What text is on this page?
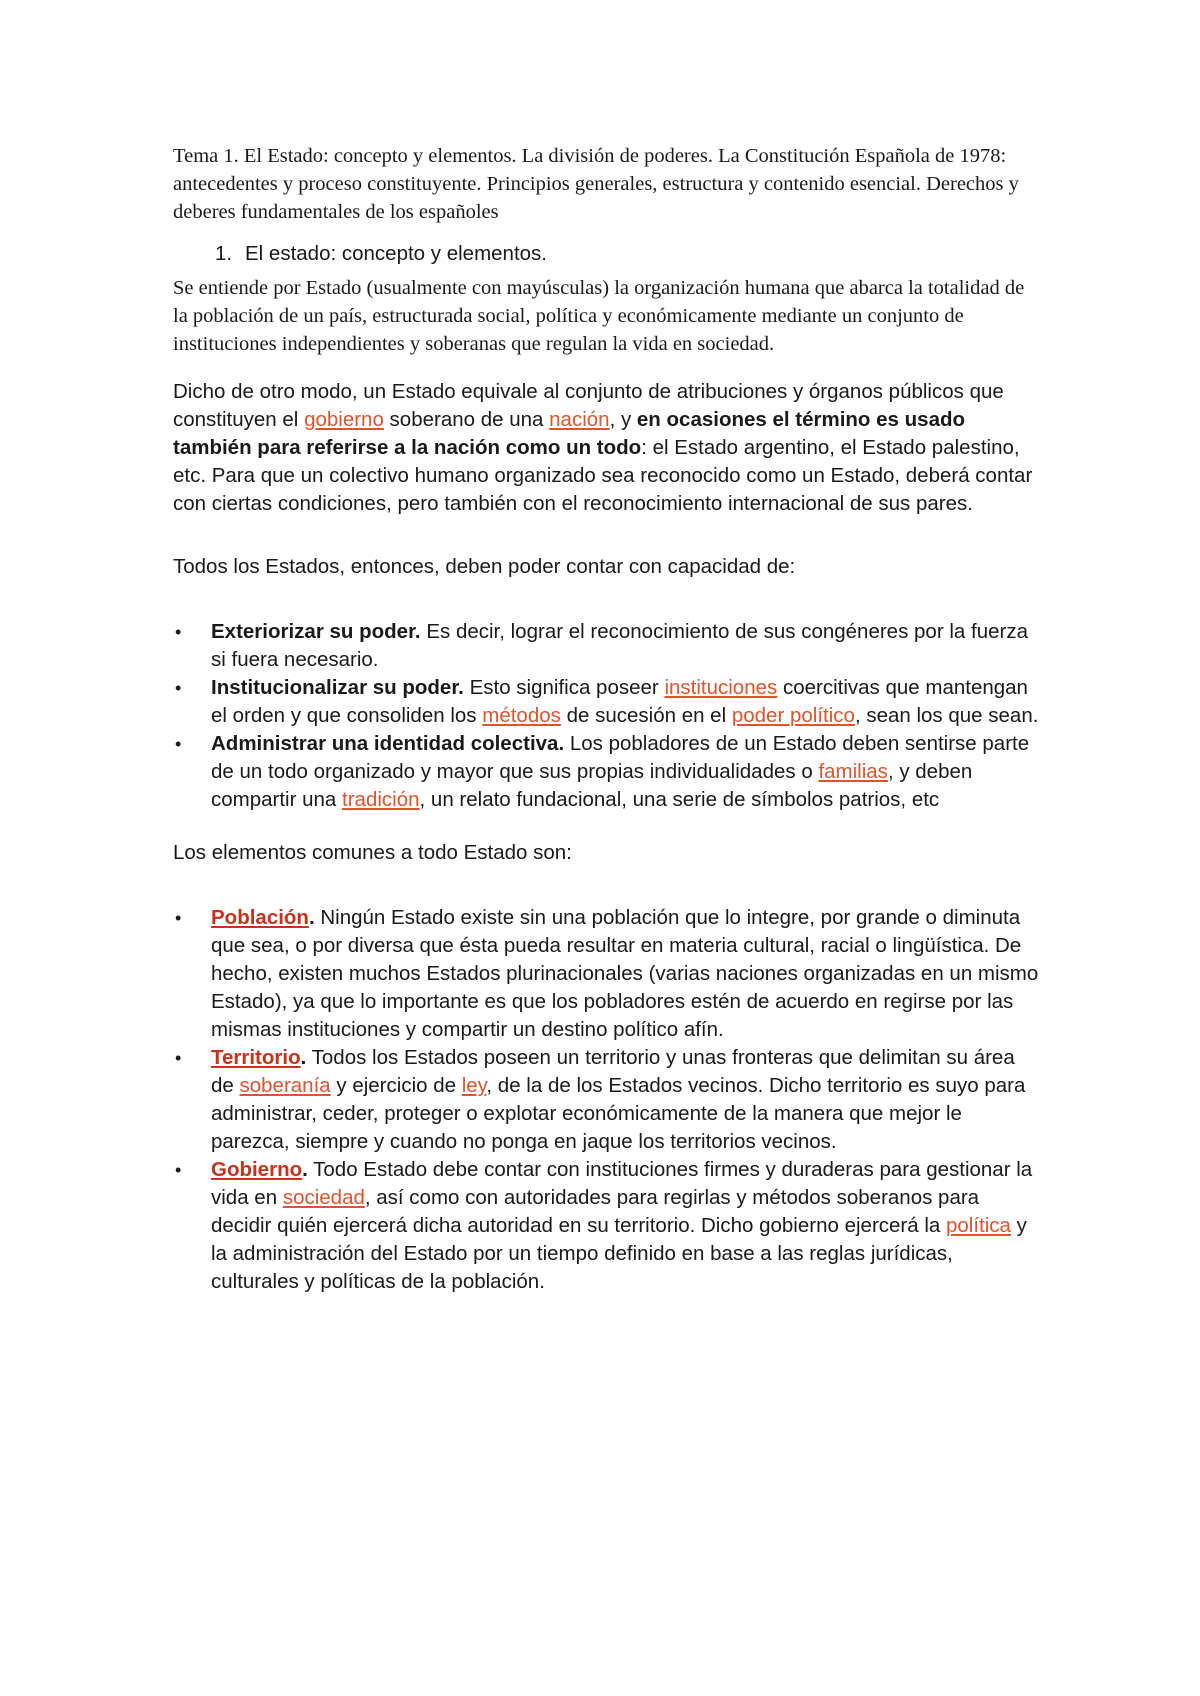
Tema 1. El Estado: concepto y elementos. La división de poderes. La Constitución Española de 1978: antecedentes y proceso constituyente. Principios generales, estructura y contenido esencial. Derechos y deberes fundamentales de los españoles

1. El estado: concepto y elementos.

Se entiende por Estado (usualmente con mayúsculas) la organización humana que abarca la totalidad de la población de un país, estructurada social, política y económicamente mediante un conjunto de instituciones independientes y soberanas que regulan la vida en sociedad.

Dicho de otro modo, un Estado equivale al conjunto de atribuciones y órganos públicos que constituyen el gobierno soberano de una nación, y en ocasiones el término es usado también para referirse a la nación como un todo: el Estado argentino, el Estado palestino, etc. Para que un colectivo humano organizado sea reconocido como un Estado, deberá contar con ciertas condiciones, pero también con el reconocimiento internacional de sus pares.

Todos los Estados, entonces, deben poder contar con capacidad de:

• Exteriorizar su poder. Es decir, lograr el reconocimiento de sus congéneres por la fuerza si fuera necesario.
• Institucionalizar su poder. Esto significa poseer instituciones coercitivas que mantengan el orden y que consoliden los métodos de sucesión en el poder político, sean los que sean.
• Administrar una identidad colectiva. Los pobladores de un Estado deben sentirse parte de un todo organizado y mayor que sus propias individualidades o familias, y deben compartir una tradición, un relato fundacional, una serie de símbolos patrios, etc

Los elementos comunes a todo Estado son:

• Población. Ningún Estado existe sin una población que lo integre, por grande o diminuta que sea, o por diversa que ésta pueda resultar en materia cultural, racial o lingüística. De hecho, existen muchos Estados plurinacionales (varias naciones organizadas en un mismo Estado), ya que lo importante es que los pobladores estén de acuerdo en regirse por las mismas instituciones y compartir un destino político afín.
• Territorio. Todos los Estados poseen un territorio y unas fronteras que delimitan su área de soberanía y ejercicio de ley, de la de los Estados vecinos. Dicho territorio es suyo para administrar, ceder, proteger o explotar económicamente de la manera que mejor le parezca, siempre y cuando no ponga en jaque los territorios vecinos.
• Gobierno. Todo Estado debe contar con instituciones firmes y duraderas para gestionar la vida en sociedad, así como con autoridades para regirlas y métodos soberanos para decidir quién ejercerá dicha autoridad en su territorio. Dicho gobierno ejercerá la política y la administración del Estado por un tiempo definido en base a las reglas jurídicas, culturales y políticas de la población.
